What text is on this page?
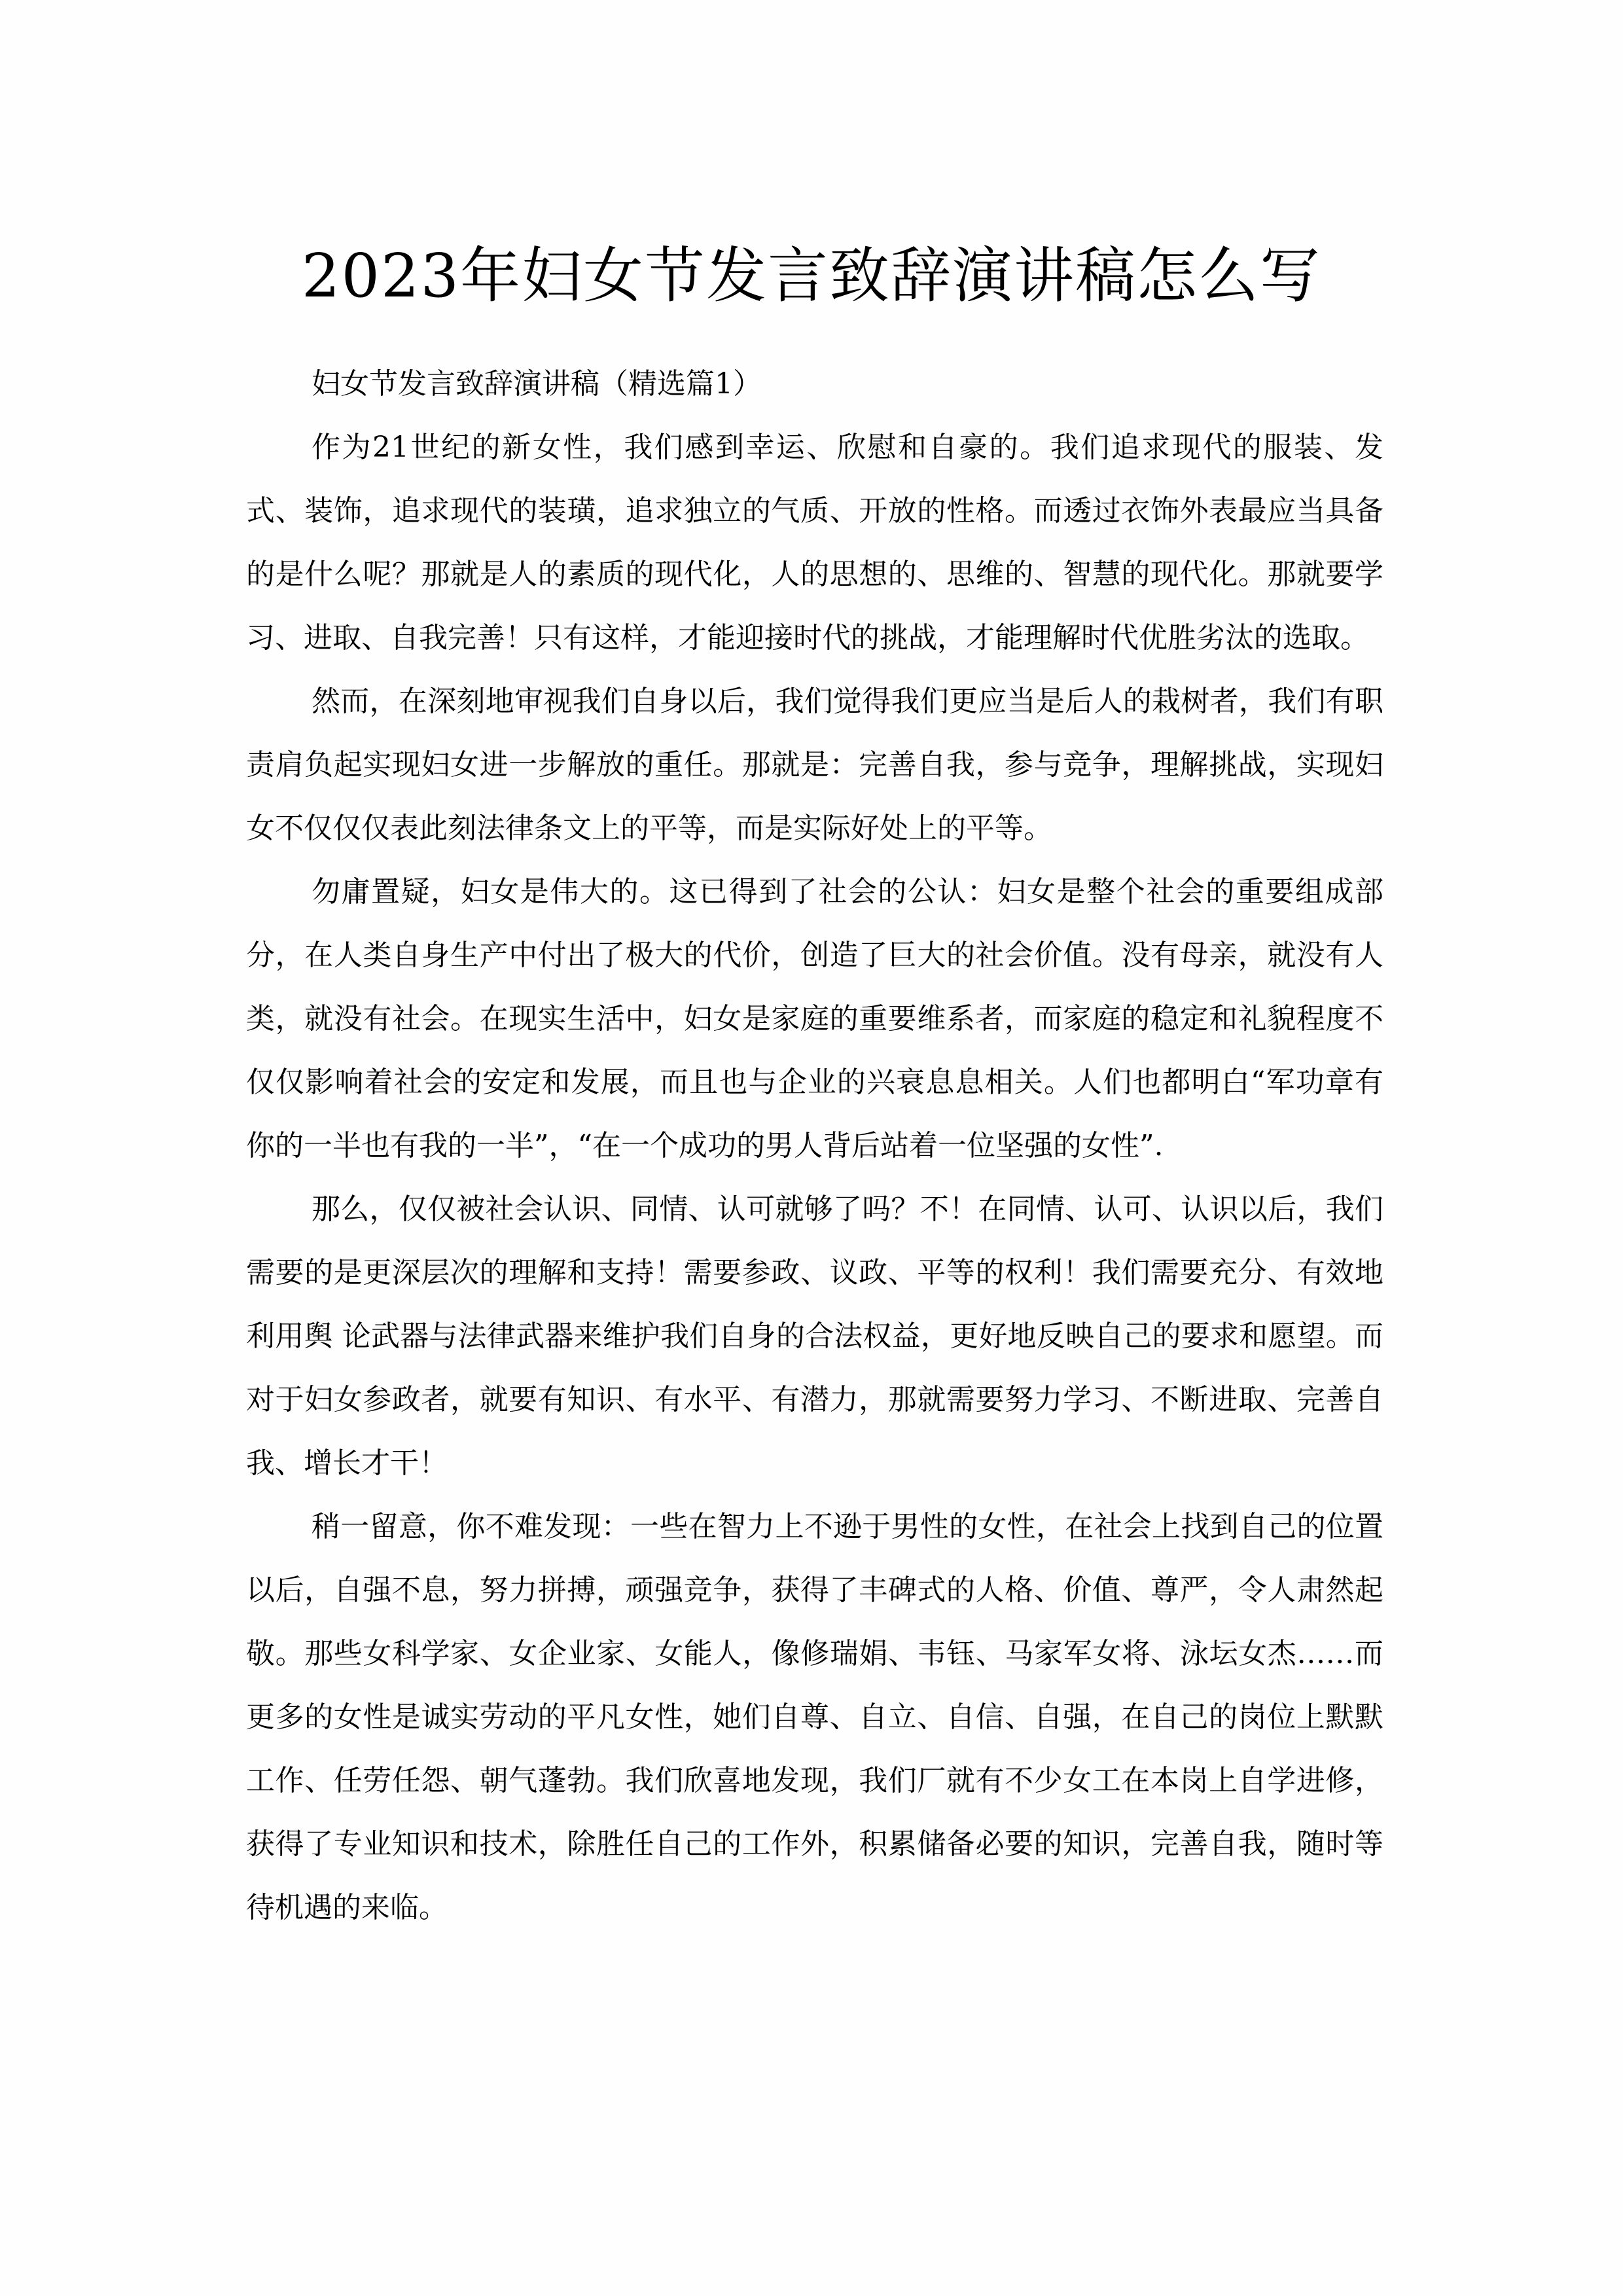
2023年妇女节发言致辞演讲稿怎么写

妇女节发言致辞演讲稿（精选篇1）

作为21世纪的新女性，我们感到幸运、欣慰和自豪的。我们追求现代的服装、发式、装饰，追求现代的装璜，追求独立的气质、开放的性格。而透过衣饰外表最应当具备的是什么呢？那就是人的素质的现代化，人的思想的、思维的、智慧的现代化。那就要学习、进取、自我完善！只有这样，才能迎接时代的挑战，才能理解时代优胜劣汰的选取。

然而，在深刻地审视我们自身以后，我们觉得我们更应当是后人的栽树者，我们有职责肩负起实现妇女进一步解放的重任。那就是：完善自我，参与竞争，理解挑战，实现妇女不仅仅仅表此刻法律条文上的平等，而是实际好处上的平等。

勿庸置疑，妇女是伟大的。这已得到了社会的公认：妇女是整个社会的重要组成部分，在人类自身生产中付出了极大的代价，创造了巨大的社会价值。没有母亲，就没有人类，就没有社会。在现实生活中，妇女是家庭的重要维系者，而家庭的稳定和礼貌程度不仅仅影响着社会的安定和发展，而且也与企业的兴衰息息相关。人们也都明白“军功章有你的一半也有我的一半”，“在一个成功的男人背后站着一位坚强的女性”.

那么，仅仅被社会认识、同情、认可就够了吗？不！在同情、认可、认识以后，我们需要的是更深层次的理解和支持！需要参政、议政、平等的权利！我们需要充分、有效地利用舆 论武器与法律武器来维护我们自身的合法权益，更好地反映自己的要求和愿望。而对于妇女参政者，就要有知识、有水平、有潜力，那就需要努力学习、不断进取、完善自我、增长才干！

稍一留意，你不难发现：一些在智力上不逊于男性的女性，在社会上找到自己的位置以后，自强不息，努力拼搏，顽强竞争，获得了丰碑式的人格、价值、尊严，令人肃然起敬。那些女科学家、女企业家、女能人，像修瑞娟、韦钰、马家军女将、泳坛女杰……而更多的女性是诚实劳动的平凡女性，她们自尊、自立、自信、自强，在自己的岗位上默默工作、任劳任怨、朝气蓬勃。我们欣喜地发现，我们厂就有不少女工在本岗上自学进修，获得了专业知识和技术，除胜任自己的工作外，积累储备必要的知识，完善自我，随时等待机遇的来临。
